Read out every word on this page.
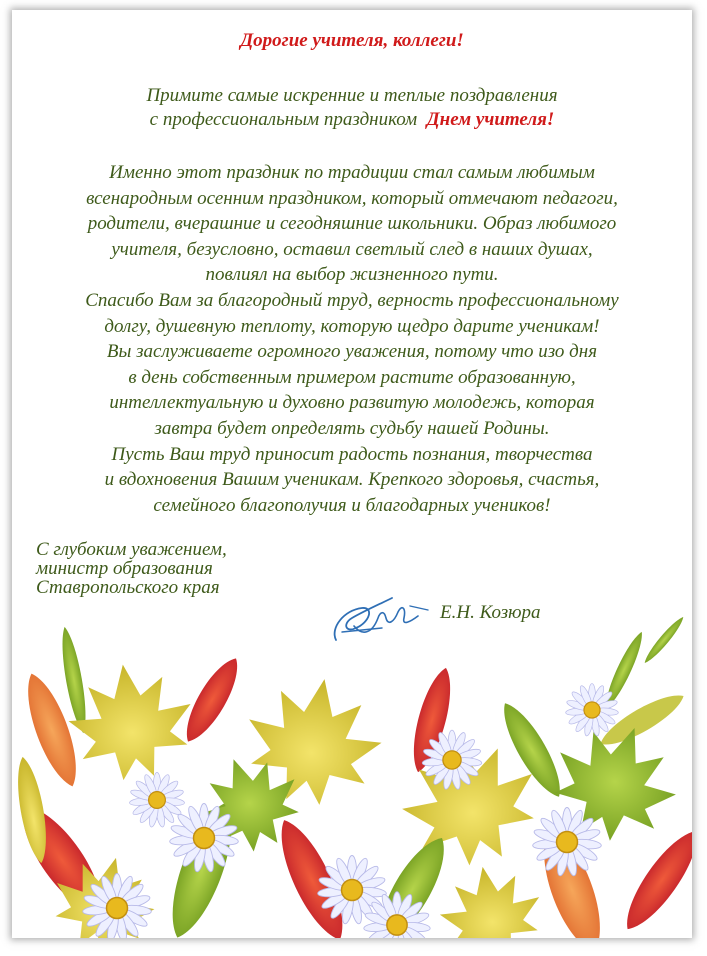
Дорогие учителя, коллеги!
Примите самые искренние и теплые поздравления
с профессиональным праздником Днем учителя!
Именно этот праздник по традиции стал самым любимым
всенародным осенним праздником, который отмечают педагоги,
родители, вчерашние и сегодняшние школьники. Образ любимого
учителя, безусловно, оставил светлый след в наших душах,
повлиял на выбор жизненного пути.
Спасибо Вам за благородный труд, верность профессиональному
долгу, душевную теплоту, которую щедро дарите ученикам!
Вы заслуживаете огромного уважения, потому что изо дня
в день собственным примером растите образованную,
интеллектуальную и духовно развитую молодежь, которая
завтра будет определять судьбу нашей Родины.
Пусть Ваш труд приносит радость познания, творчества
и вдохновения Вашим ученикам. Крепкого здоровья, счастья,
семейного благополучия и благодарных учеников!
С глубоким уважением,
министр образования
Ставропольского края
Е.Н. Козюра
